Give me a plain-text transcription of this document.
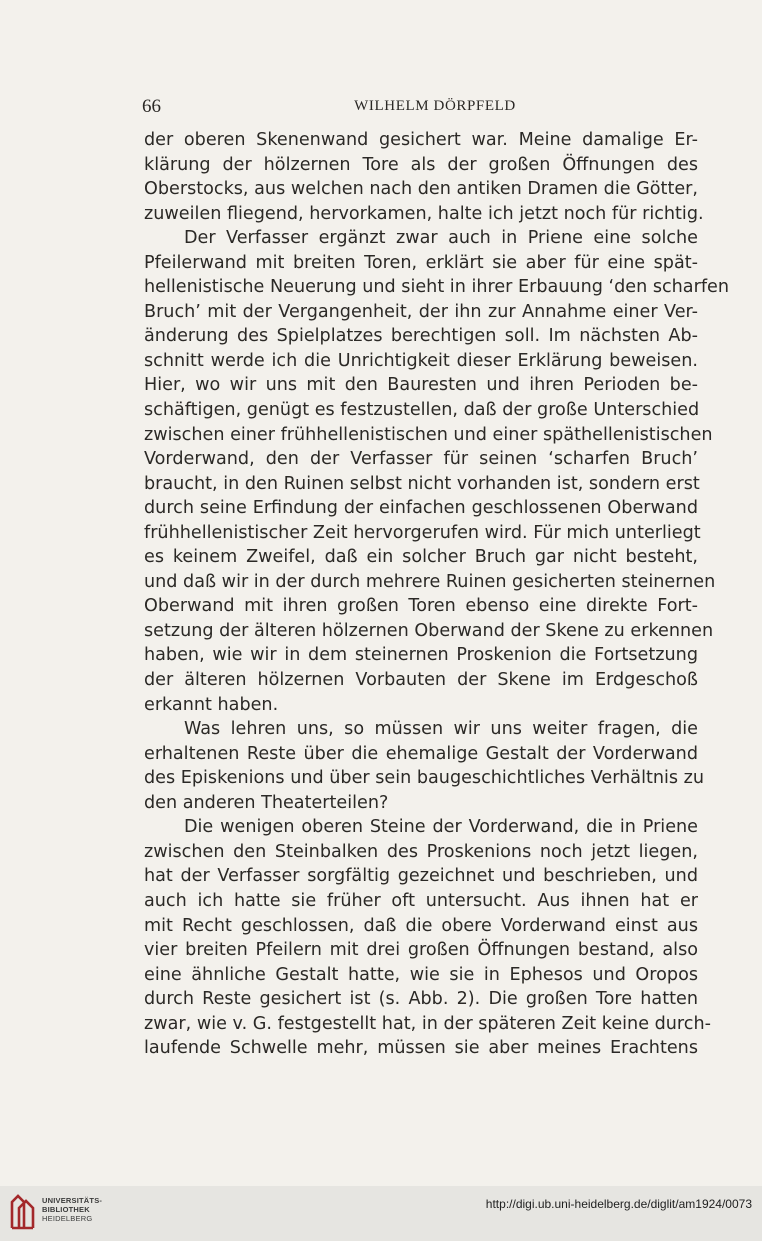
66	WILHELM DÖRPFELD
der oberen Skenenwand gesichert war. Meine damalige Er-
klärung der hölzernen Tore als der großen Öffnungen des
Oberstocks, aus welchen nach den antiken Dramen die Götter,
zuweilen fliegend, hervorkamen, halte ich jetzt noch für richtig.
Der Verfasser ergänzt zwar auch in Priene eine solche
Pfeilerwand mit breiten Toren, erklärt sie aber für eine spät-
hellenistische Neuerung und sieht in ihrer Erbauung ‘den scharfen
Bruch’ mit der Vergangenheit, der ihn zur Annahme einer Ver-
änderung des Spielplatzes berechtigen soll. Im nächsten Ab-
schnitt werde ich die Unrichtigkeit dieser Erklärung beweisen.
Hier, wo wir uns mit den Bauresten und ihren Perioden be-
schäftigen, genügt es festzustellen, daß der große Unterschied
zwischen einer frühhellenistischen und einer späthellenistischen
Vorderwand, den der Verfasser für seinen ‘scharfen Bruch’
braucht, in den Ruinen selbst nicht vorhanden ist, sondern erst
durch seine Erfindung der einfachen geschlossenen Oberwand
frühhellenistischer Zeit hervorgerufen wird. Für mich unterliegt
es keinem Zweifel, daß ein solcher Bruch gar nicht besteht,
und daß wir in der durch mehrere Ruinen gesicherten steinernen
Oberwand mit ihren großen Toren ebenso eine direkte Fort-
setzung der älteren hölzernen Oberwand der Skene zu erkennen
haben, wie wir in dem steinernen Proskenion die Fortsetzung
der älteren hölzernen Vorbauten der Skene im Erdgeschoß
erkannt haben.
Was lehren uns, so müssen wir uns weiter fragen, die
erhaltenen Reste über die ehemalige Gestalt der Vorderwand
des Episkenions und über sein baugeschichtliches Verhältnis zu
den anderen Theaterteilen?
Die wenigen oberen Steine der Vorderwand, die in Priene
zwischen den Steinbalken des Proskenions noch jetzt liegen,
hat der Verfasser sorgfältig gezeichnet und beschrieben, und
auch ich hatte sie früher oft untersucht. Aus ihnen hat er
mit Recht geschlossen, daß die obere Vorderwand einst aus
vier breiten Pfeilern mit drei großen Öffnungen bestand, also
eine ähnliche Gestalt hatte, wie sie in Ephesos und Oropos
durch Reste gesichert ist (s. Abb. 2). Die großen Tore hatten
zwar, wie v. G. festgestellt hat, in der späteren Zeit keine durch-
laufende Schwelle mehr, müssen sie aber meines Erachtens
UNIVERSITÄTS-
BIBLIOTHEK
HEIDELBERG
http://digi.ub.uni-heidelberg.de/diglit/am1924/0073
